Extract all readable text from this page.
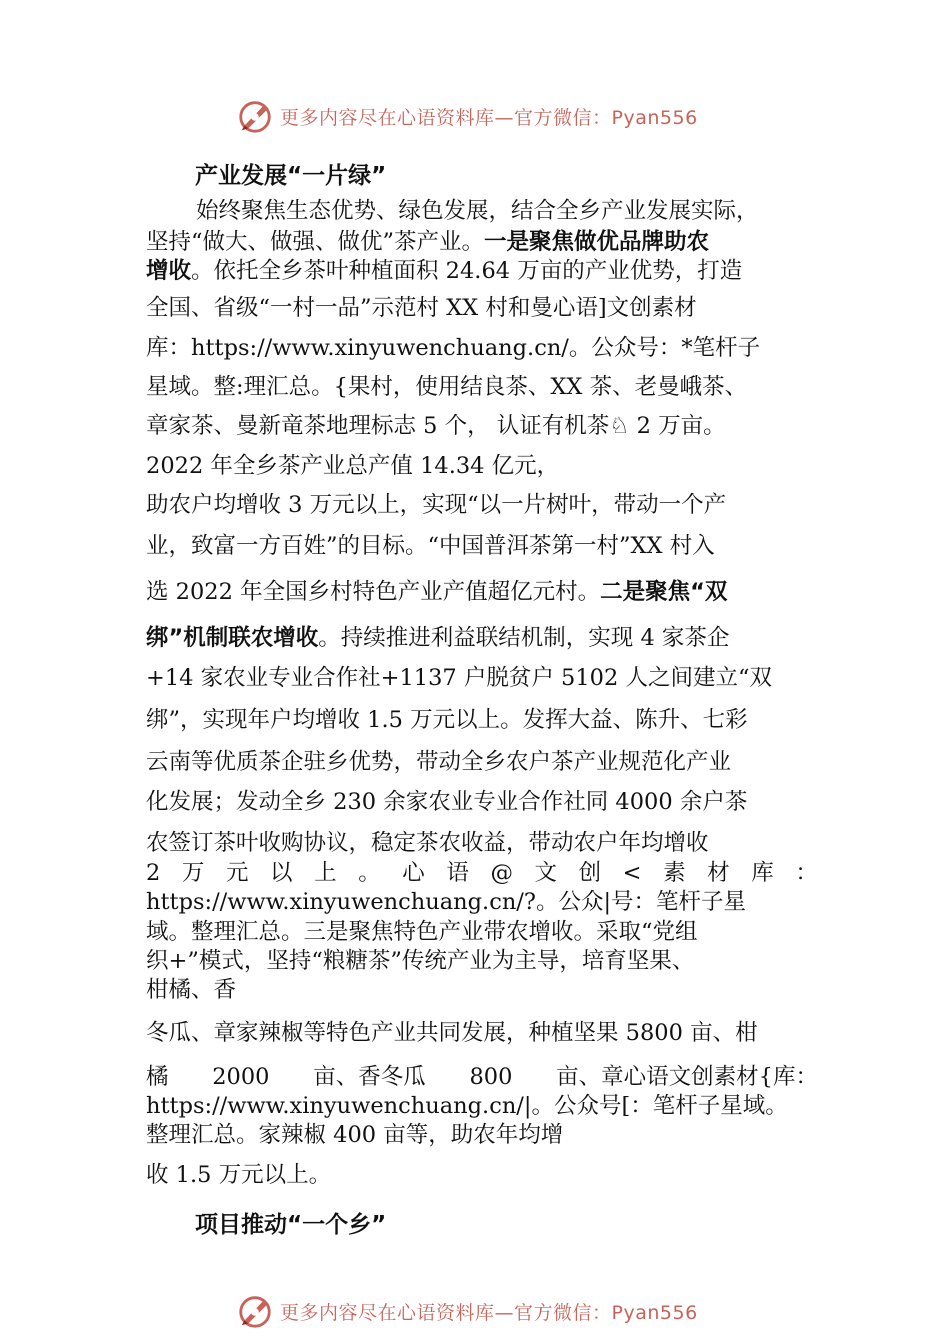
更多内容尽在心语资料库—官方微信：Pyan556
产业发展“一片绿”
始终聚焦生态优势、绿色发展，结合全乡产业发展实际，
坚持“做大、做强、做优”茶产业。一是聚焦做优品牌助农
增收。依托全乡茶叶种植面积 24.64 万亩的产业优势，打造
全国、省级“一村一品”示范村 XX 村和曼心语]文创素材
库：https://www.xinyuwenchuang.cn/。公众号：*笔杆子
星域。整:理汇总。{果村，使用结良茶、XX 茶、老曼峨茶、
章家茶、曼新竜茶地理标志 5 个， 认证有机茶♘ 2 万亩。
2022 年全乡茶产业总产值 14.34 亿元，
助农户均增收 3 万元以上，实现“以一片树叶，带动一个产
业，致富一方百姓”的目标。“中国普洱茶第一村”XX 村入
选 2022 年全国乡村特色产业产值超亿元村。二是聚焦“双
绑”机制联农增收。持续推进利益联结机制，实现 4 家茶企
+14 家农业专业合作社+1137 户脱贫户 5102 人之间建立“双
绑”，实现年户均增收 1.5 万元以上。发挥大益、陈升、七彩
云南等优质茶企驻乡优势，带动全乡农户茶产业规范化产业
化发展；发动全乡 230 余家农业专业合作社同 4000 余户茶
农签订茶叶收购协议，稳定茶农收益，带动农户年均增收
2 万 元 以 上 。 心 语 @ 文 创 < 素 材 库 ：
https://www.xinyuwenchuang.cn/?。公众|号：笔杆子星
域。整理汇总。三是聚焦特色产业带农增收。采取“党组
织+”模式，坚持“粮糖茶”传统产业为主导，培育坚果、
柑橘、香
冬瓜、章家辣椒等特色产业共同发展，种植坚果 5800 亩、柑
橘 2000 亩、香冬瓜 800 亩、章心语文创素材{库：
https://www.xinyuwenchuang.cn/|。公众号[：笔杆子星域。
整理汇总。家辣椒 400 亩等，助农年均增
收 1.5 万元以上。
项目推动“一个乡”
更多内容尽在心语资料库—官方微信：Pyan556
